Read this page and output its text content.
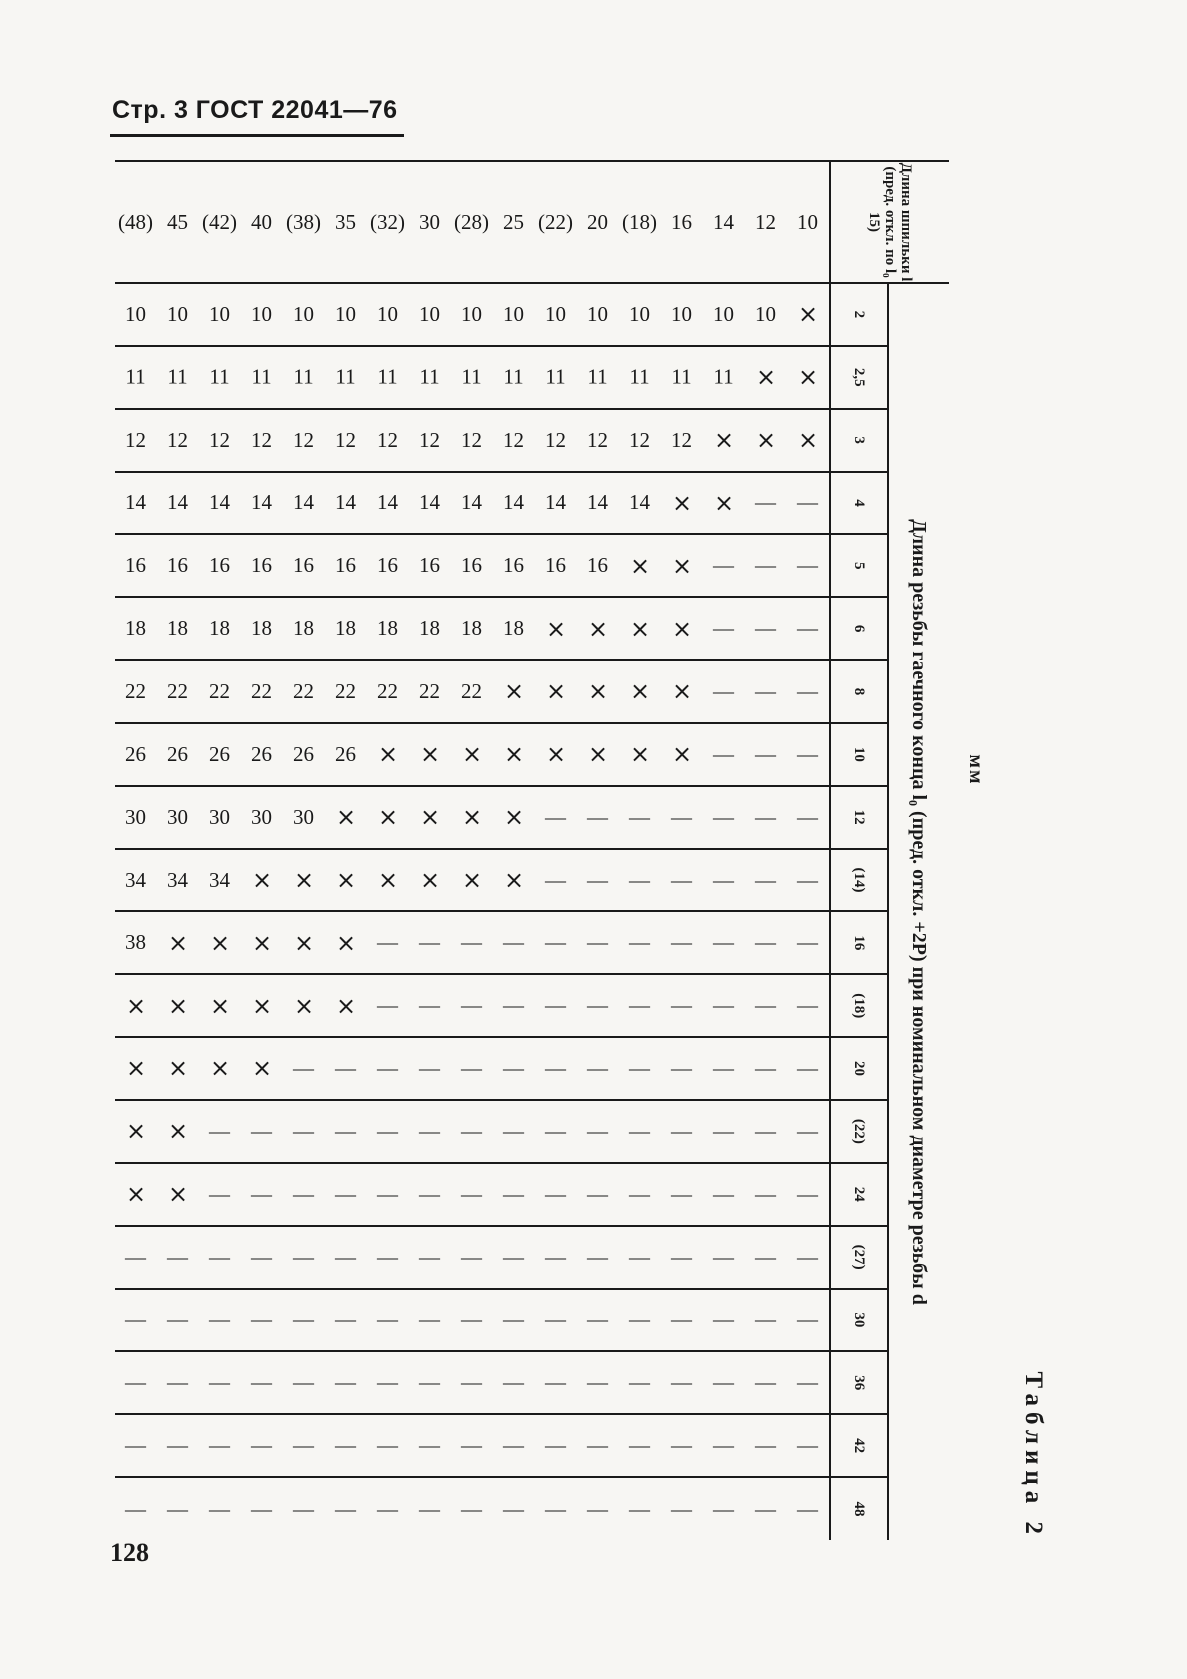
Стр. 3 ГОСТ 22041—76
Таблица 2
мм
Длина шпильки l (пред. откл. по l₀ 15)	Длина резьбы гаечного конца l₀ (пред. откл. +2P) при номинальном диаметре резьбы d																			
	2	2,5	3	4	5	6	8	10	12	(14)	16	(18)	20	(22)	24	(27)	30	36	42	48
10	×	×	×	—	—	—	—	—	—	—	—	—	—	—	—	—	—	—	—	—
12	10	×	×	—	—	—	—	—	—	—	—	—	—	—	—	—	—	—	—	—
14	10	11	×	×	—	—	—	—	—	—	—	—	—	—	—	—	—	—	—	—
16	10	11	12	×	×	×	×	×	—	—	—	—	—	—	—	—	—	—	—	—
(18)	10	11	12	14	×	×	×	×	—	—	—	—	—	—	—	—	—	—	—	—
20	10	11	12	14	16	×	×	×	—	—	—	—	—	—	—	—	—	—	—	—
(22)	10	11	12	14	16	×	×	×	—	—	—	—	—	—	—	—	—	—	—	—
25	10	11	12	14	16	18	×	×	×	×	—	—	—	—	—	—	—	—	—	—
(28)	10	11	12	14	16	18	22	×	×	×	—	—	—	—	—	—	—	—	—	—
30	10	11	12	14	16	18	22	×	×	×	—	—	—	—	—	—	—	—	—	—
(32)	10	11	12	14	16	18	22	×	×	×	—	—	—	—	—	—	—	—	—	—
35	10	11	12	14	16	18	22	26	×	×	×	×	—	—	—	—	—	—	—	—
(38)	10	11	12	14	16	18	22	26	30	×	×	×	—	—	—	—	—	—	—	—
40	10	11	12	14	16	18	22	26	30	×	×	×	×	—	—	—	—	—	—	—
(42)	10	11	12	14	16	18	22	26	30	34	×	×	×	—	—	—	—	—	—	—
45	10	11	12	14	16	18	22	26	30	34	×	×	×	×	×	—	—	—	—	—
(48)	10	11	12	14	16	18	22	26	30	34	38	×	×	×	×	—	—	—	—	—
128
